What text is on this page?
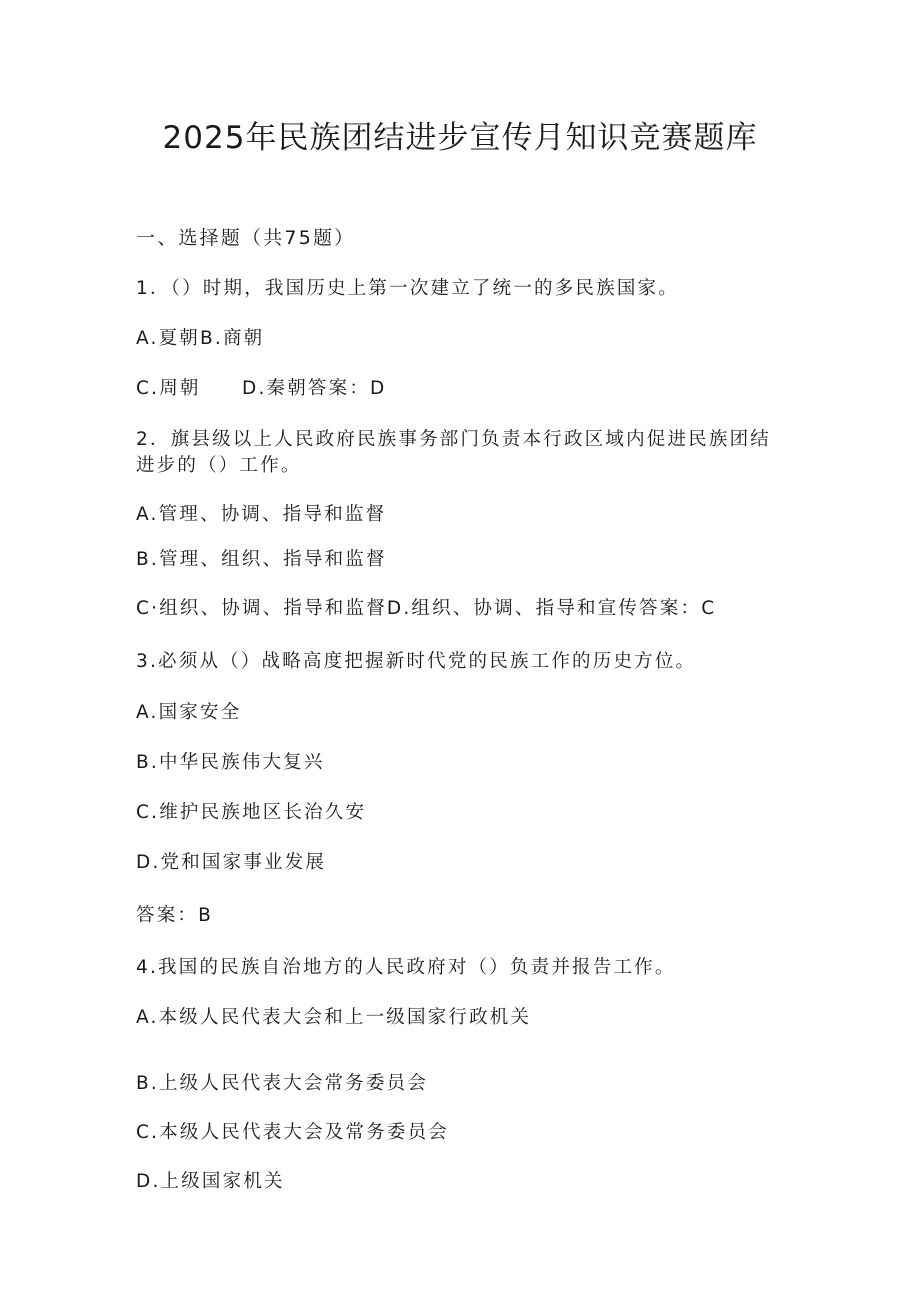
2025年民族团结进步宣传月知识竞赛题库
一、选择题（共75题）
1．（）时期，我国历史上第一次建立了统一的多民族国家。
A.夏朝B.商朝
C.周朝　　D.秦朝答案：D
2．旗县级以上人民政府民族事务部门负责本行政区域内促进民族团结进步的（）工作。
A.管理、协调、指导和监督
B.管理、组织、指导和监督
C·组织、协调、指导和监督D.组织、协调、指导和宣传答案：C
3.必须从（）战略高度把握新时代党的民族工作的历史方位。
A.国家安全
B.中华民族伟大复兴
C.维护民族地区长治久安
D.党和国家事业发展
答案：B
4.我国的民族自治地方的人民政府对（）负责并报告工作。
A.本级人民代表大会和上一级国家行政机关
B.上级人民代表大会常务委员会
C.本级人民代表大会及常务委员会
D.上级国家机关
